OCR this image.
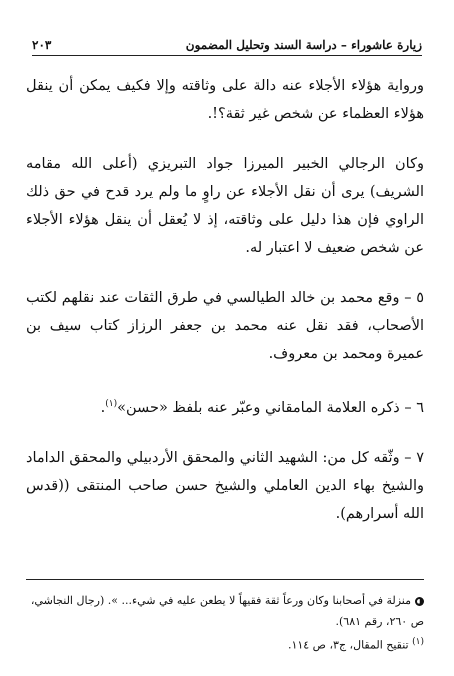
زيارة عاشوراء – دراسة السند وتحليل المضمون
٢٠٣

ورواية هؤلاء الأجلاء عنه دالة على وثاقته وإلا فكيف يمكن أن ينقل هؤلاء العظماء عن شخص غير ثقة؟!.

وكان الرجالي الخبير الميرزا جواد التبريزي (أعلى الله مقامه الشريف) يرى أن نقل الأجلاء عن راوٍ ما ولم يرد قدح في حق ذلك الراوي فإن هذا دليل على وثاقته، إذ لا يُعقل أن ينقل هؤلاء الأجلاء عن شخص ضعيف لا اعتبار له.

٥ – وقع محمد بن خالد الطيالسي في طرق الثقات عند نقلهم لكتب الأصحاب، فقد نقل عنه محمد بن جعفر الرزاز كتاب سيف بن عميرة ومحمد بن معروف.

٦ – ذكره العلامة المامقاني وعبّر عنه بلفظ «حسن»$^{(١)}$.

٧ – وثّقه كل من: الشهيد الثاني والمحقق الأردبيلي والمحقق الداماد والشيخ بهاء الدين العاملي والشيخ حسن صاحب المنتقى ((قدس الله أسرارهم).

منزلة في أصحابنا وكان ورعاً ثقة فقيهاً لا يطعن عليه في شيء... ». (رجال النجاشي، ص ٢٦٠، رقم ٦٨١).

$^{(١)}$ تنقيح المقال، ج٣، ص ١١٤.
